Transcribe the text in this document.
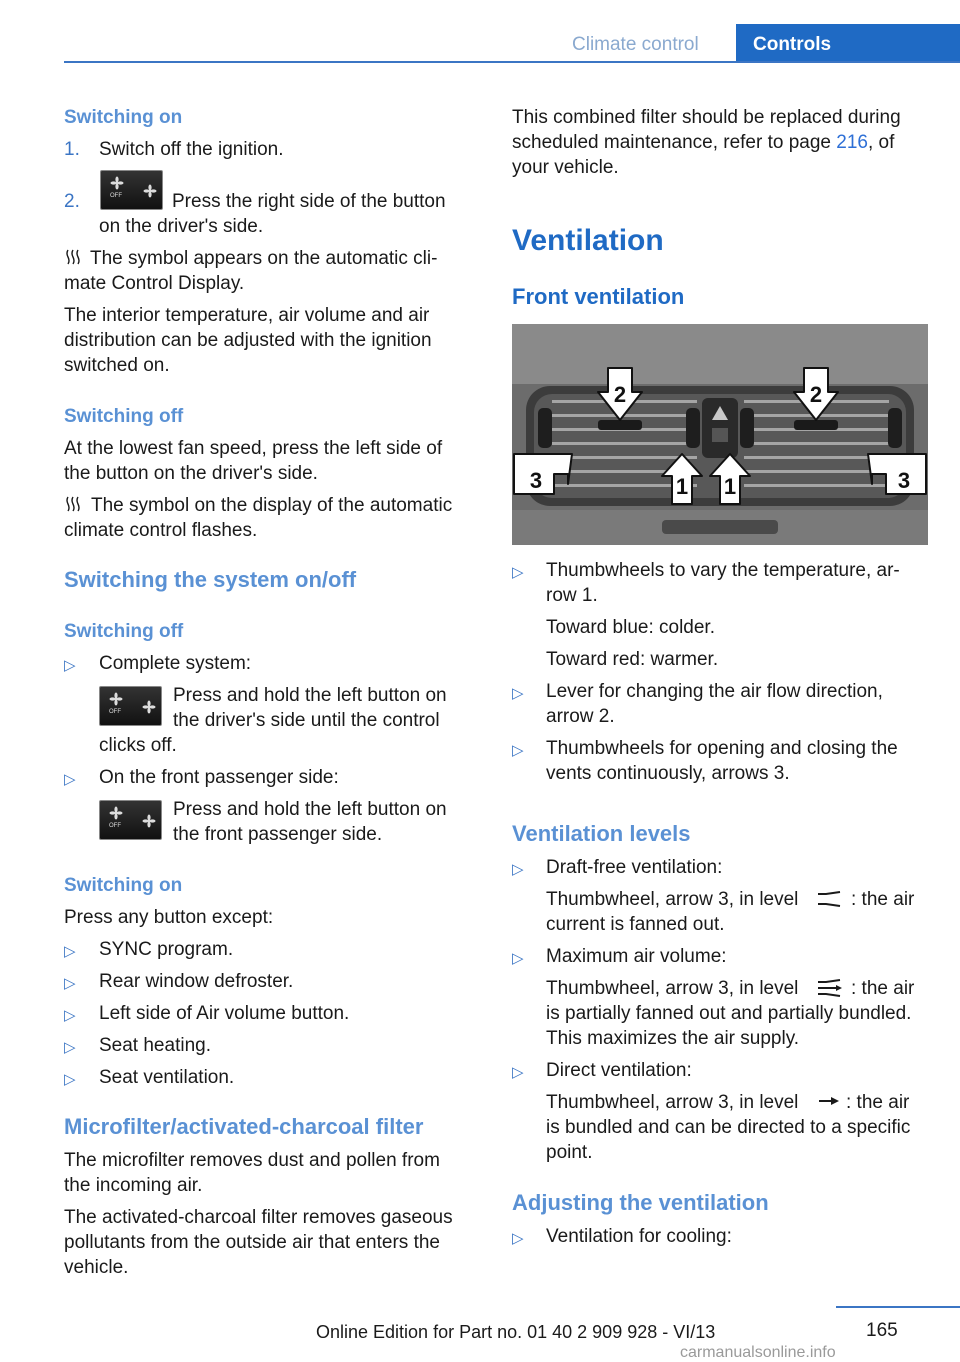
Climate control	Controls
Switching on
1. Switch off the ignition.
2.	OFF	Press the right side of the button
on the driver's side.
The symbol appears on the automatic cli-
mate Control Display.
The interior temperature, air volume and air
distribution can be adjusted with the ignition
switched on.
Switching off
At the lowest fan speed, press the left side of
the button on the driver's side.
The symbol on the display of the automatic
climate control flashes.
Switching the system on/off
Switching off
▷ Complete system:
OFF
Press and hold the left button on
the driver's side until the control
clicks off.
▷ On the front passenger side:
OFF
Press and hold the left button on
the front passenger side.
Switching on
Press any button except:
▷ SYNC program.
▷ Rear window defroster.
▷ Left side of Air volume button.
▷ Seat heating.
▷ Seat ventilation.
Microfilter/activated-charcoal filter
The microfilter removes dust and pollen from
the incoming air.
The activated-charcoal filter removes gaseous
pollutants from the outside air that enters the
vehicle.
This combined filter should be replaced during
scheduled maintenance, refer to page 216, of
your vehicle.
Ventilation
Front ventilation
2	2
3	1 1	3
▷ Thumbwheels to vary the temperature, ar-
row 1.
Toward blue: colder.
Toward red: warmer.
▷ Lever for changing the air flow direction,
arrow 2.
▷ Thumbwheels for opening and closing the
vents continuously, arrows 3.
Ventilation levels
▷ Draft-free ventilation:
Thumbwheel, arrow 3, in level	: the air
current is fanned out.
▷ Maximum air volume:
Thumbwheel, arrow 3, in level	: the air
is partially fanned out and partially bundled.
This maximizes the air supply.
▷ Direct ventilation:
Thumbwheel, arrow 3, in level	: the air
is bundled and can be directed to a specific
point.
Adjusting the ventilation
▷ Ventilation for cooling:
165
Online Edition for Part no. 01 40 2 909 928 - VI/13
carmanualsonline.info
